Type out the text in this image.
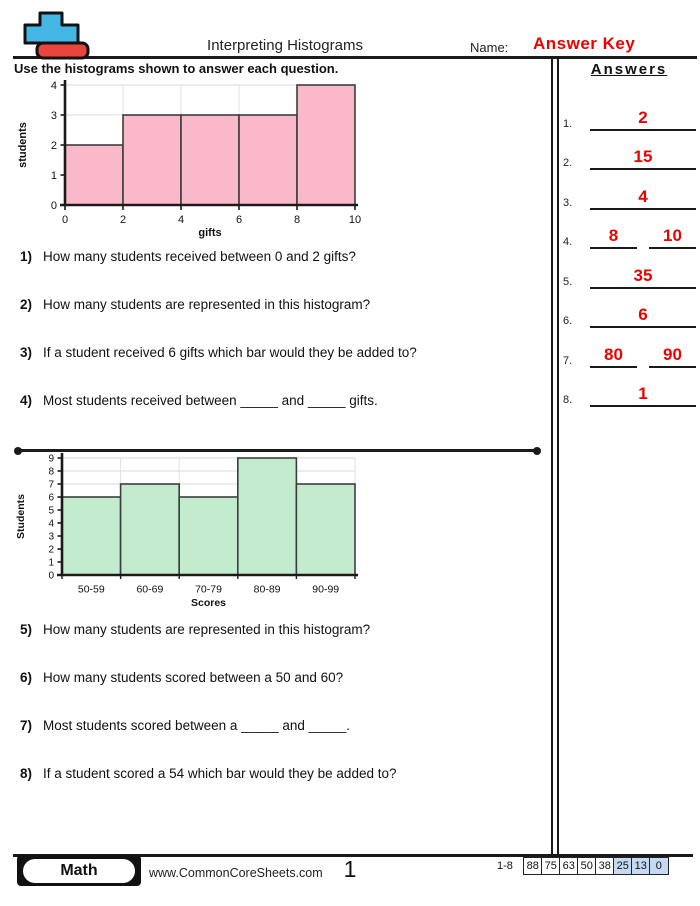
Interpreting Histograms	Name: Answer Key
Use the histograms shown to answer each question.
0
1
2
3
4
0	2	4	6	8	10
gifts
students
1) How many students received between 0 and 2 gifts?
2) How many students are represented in this histogram?
3) If a student received 6 gifts which bar would they be added to?
4) Most students received between _____ and _____ gifts.
0
1
2
3
4
5
6
7
8
9
50-59	60-69	70-79	80-89	90-99
Scores
Students
5) How many students are represented in this histogram?
6) How many students scored between a 50 and 60?
7) Most students scored between a _____ and _____.
8) If a student scored a 54 which bar would they be added to?
Answers
1.	2
2.	15
3.	4
4.	8	10
5.	35
6.	6
7.	80	90
8.	1
Math	www.CommonCoreSheets.com 1	1-8	88 75 63 50 38 25 13 0
